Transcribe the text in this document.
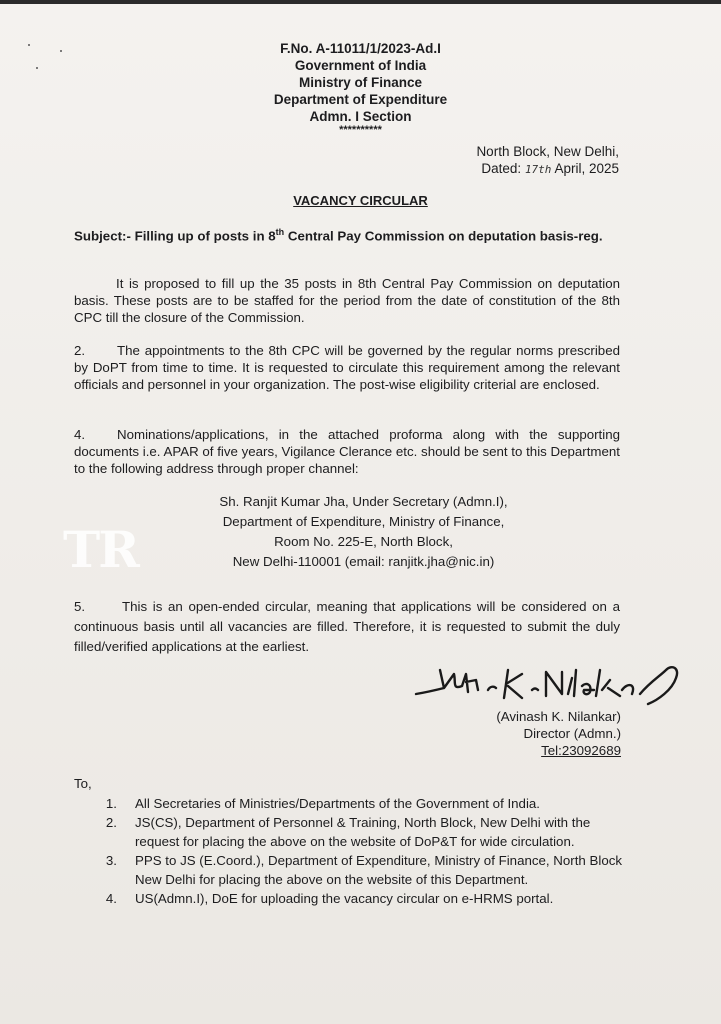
F.No. A-11011/1/2023-Ad.I
Government of India
Ministry of Finance
Department of Expenditure
Admn. I Section
**********
North Block, New Delhi,
Dated: 17th April, 2025
VACANCY CIRCULAR
Subject:- Filling up of posts in 8th Central Pay Commission on deputation basis-reg.
It is proposed to fill up the 35 posts in 8th Central Pay Commission on deputation basis. These posts are to be staffed for the period from the date of constitution of the 8th CPC till the closure of the Commission.
2. The appointments to the 8th CPC will be governed by the regular norms prescribed by DoPT from time to time. It is requested to circulate this requirement among the relevant officials and personnel in your organization. The post-wise eligibility criterial are enclosed.
4. Nominations/applications, in the attached proforma along with the supporting documents i.e. APAR of five years, Vigilance Clerance etc. should be sent to this Department to the following address through proper channel:
Sh. Ranjit Kumar Jha, Under Secretary (Admn.I),
Department of Expenditure, Ministry of Finance,
Room No. 225-E, North Block,
New Delhi-110001 (email: ranjitk.jha@nic.in)
TR
5.	This is an open-ended circular, meaning that applications will be considered on a continuous basis until all vacancies are filled. Therefore, it is requested to submit the duly filled/verified applications at the earliest.
(Avinash K. Nilankar)
Director (Admn.)
Tel:23092689
To,
1.	All Secretaries of Ministries/Departments of the Government of India.
2.	JS(CS), Department of Personnel & Training, North Block, New Delhi with the request for placing the above on the website of DoP&T for wide circulation.
3.	PPS to JS (E.Coord.), Department of Expenditure, Ministry of Finance, North Block New Delhi for placing the above on the website of this Department.
4.	US(Admn.I), DoE for uploading the vacancy circular on e-HRMS portal.
